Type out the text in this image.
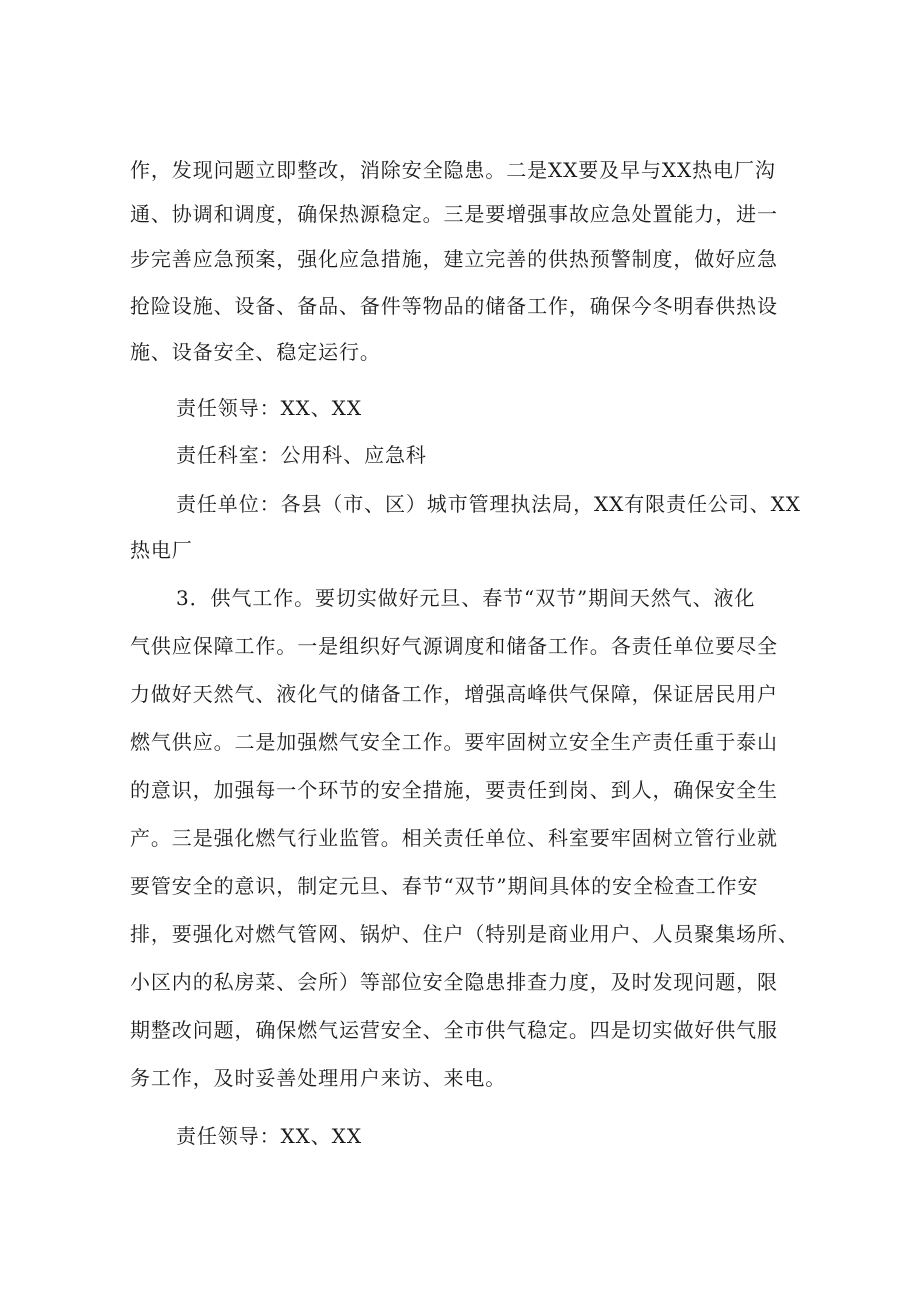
作，发现问题立即整改，消除安全隐患。二是XX要及早与XX热电厂沟
通、协调和调度，确保热源稳定。三是要增强事故应急处置能力，进一
步完善应急预案，强化应急措施，建立完善的供热预警制度，做好应急
抢险设施、设备、备品、备件等物品的储备工作，确保今冬明春供热设
施、设备安全、稳定运行。
责任领导：XX、XX
责任科室：公用科、应急科
责任单位：各县（市、区）城市管理执法局，XX有限责任公司、XX
热电厂
3．供气工作。要切实做好元旦、春节“双节”期间天然气、液化
气供应保障工作。一是组织好气源调度和储备工作。各责任单位要尽全
力做好天然气、液化气的储备工作，增强高峰供气保障，保证居民用户
燃气供应。二是加强燃气安全工作。要牢固树立安全生产责任重于泰山
的意识，加强每一个环节的安全措施，要责任到岗、到人，确保安全生
产。三是强化燃气行业监管。相关责任单位、科室要牢固树立管行业就
要管安全的意识，制定元旦、春节“双节”期间具体的安全检查工作安
排，要强化对燃气管网、锅炉、住户（特别是商业用户、人员聚集场所、
小区内的私房菜、会所）等部位安全隐患排查力度，及时发现问题，限
期整改问题，确保燃气运营安全、全市供气稳定。四是切实做好供气服
务工作，及时妥善处理用户来访、来电。
责任领导：XX、XX
